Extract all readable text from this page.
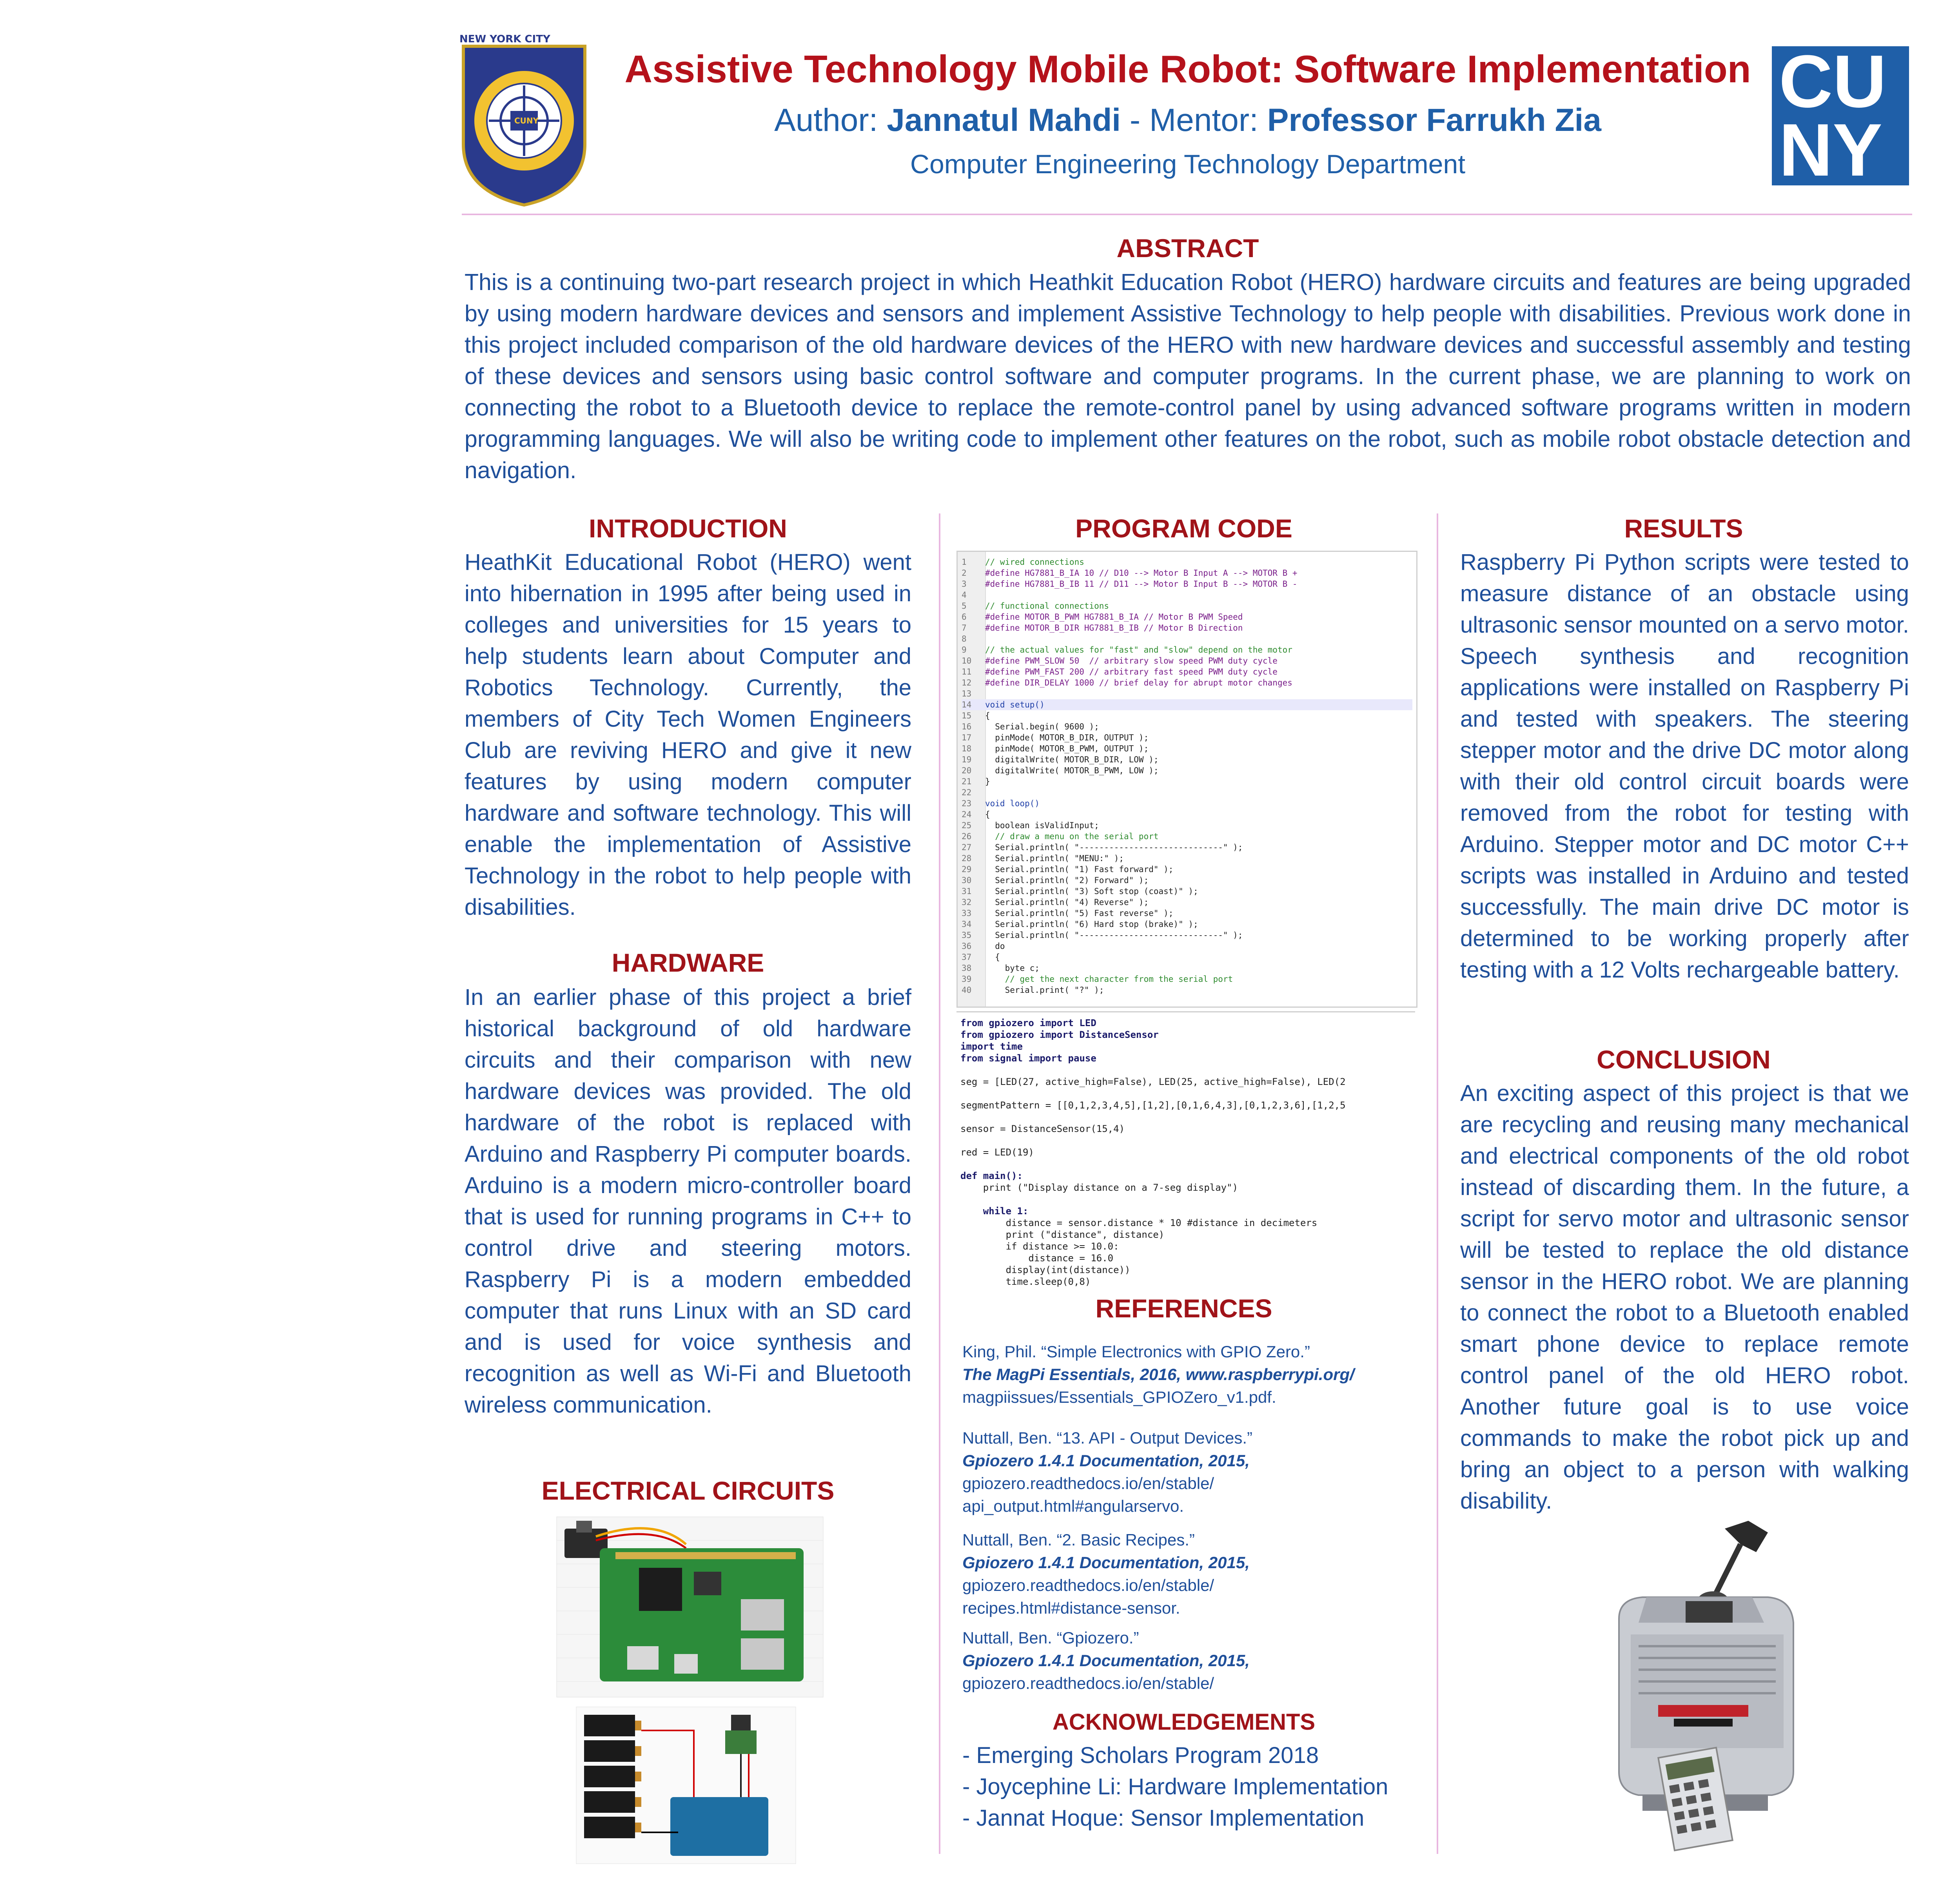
NEW YORK CITY
CUNY
Assistive Technology Mobile Robot: Software Implementation
Author: Jannatul Mahdi - Mentor: Professor Farrukh Zia
Computer Engineering Technology Department
CU
NY
ABSTRACT
This is a continuing two-part research project in which Heathkit Education Robot (HERO) hardware circuits and features are being upgraded by using modern hardware devices and sensors and implement Assistive Technology to help people with disabilities. Previous work done in this project included comparison of the old hardware devices of the HERO with new hardware devices and successful assembly and testing of these devices and sensors using basic control software and computer programs. In the current phase, we are planning to work on connecting the robot to a Bluetooth device to replace the remote-control panel by using advanced software programs written in modern programming languages. We will also be writing code to implement other features on the robot, such as mobile robot obstacle detection and navigation.
INTRODUCTION
HeathKit Educational Robot (HERO) went into hibernation in 1995 after being used in colleges and universities for 15 years to help students learn about Computer and Robotics Technology. Currently, the members of City Tech Women Engineers Club are reviving HERO and give it new features by using modern computer hardware and software technology. This will enable the implementation of Assistive Technology in the robot to help people with disabilities.
HARDWARE
In an earlier phase of this project a brief historical background of old hardware circuits and their comparison with new hardware devices was provided. The old hardware of the robot is replaced with Arduino and Raspberry Pi computer boards. Arduino is a modern micro-controller board that is used for running programs in C++ to control drive and steering motors. Raspberry Pi is a modern embedded computer that runs Linux with an SD card and is used for voice synthesis and recognition as well as Wi-Fi and Bluetooth wireless communication.
ELECTRICAL CIRCUITS
PROGRAM CODE
1 // wired connections
2 #define HG7881_B_IA 10 // D10 --> Motor B Input A --> MOTOR B +
3 #define HG7881_B_IB 11 // D11 --> Motor B Input B --> MOTOR B -
4
5 // functional connections
6 #define MOTOR_B_PWM HG7881_B_IA // Motor B PWM Speed
7 #define MOTOR_B_DIR HG7881_B_IB // Motor B Direction
8
9 // the actual values for "fast" and "slow" depend on the motor
10 #define PWM_SLOW 50  // arbitrary slow speed PWM duty cycle
11 #define PWM_FAST 200 // arbitrary fast speed PWM duty cycle
12 #define DIR_DELAY 1000 // brief delay for abrupt motor changes
13
14 void setup()
15 {
16  Serial.begin( 9600 );
17  pinMode( MOTOR_B_DIR, OUTPUT );
18  pinMode( MOTOR_B_PWM, OUTPUT );
19  digitalWrite( MOTOR_B_DIR, LOW );
20  digitalWrite( MOTOR_B_PWM, LOW );
21 }
22
23 void loop()
24 {
25  boolean isValidInput;
26  // draw a menu on the serial port
27  Serial.println( "-----------------------------" );
28  Serial.println( "MENU:" );
29  Serial.println( "1) Fast forward" );
30  Serial.println( "2) Forward" );
31  Serial.println( "3) Soft stop (coast)" );
32  Serial.println( "4) Reverse" );
33  Serial.println( "5) Fast reverse" );
34  Serial.println( "6) Hard stop (brake)" );
35  Serial.println( "-----------------------------" );
36  do
37  {
38    byte c;
39    // get the next character from the serial port
40    Serial.print( "?" );
from gpiozero import LED
from gpiozero import DistanceSensor
import time
from signal import pause
seg = [LED(27, active_high=False), LED(25, active_high=False), LED(2
segmentPattern = [[0,1,2,3,4,5],[1,2],[0,1,6,4,3],[0,1,2,3,6],[1,2,5
sensor = DistanceSensor(15,4)
red = LED(19)
def main():
print ("Display distance on a 7-seg display")
while 1:
distance = sensor.distance * 10 #distance in decimeters
print ("distance", distance)
if distance >= 10.0:
distance = 16.0
display(int(distance))
time.sleep(0,8)
REFERENCES
King, Phil. “Simple Electronics with GPIO Zero.”
The MagPi Essentials, 2016, www.raspberrypi.org/
magpiissues/Essentials_GPIOZero_v1.pdf.
Nuttall, Ben. “13. API - Output Devices.”
Gpiozero 1.4.1 Documentation, 2015,
gpiozero.readthedocs.io/en/stable/
api_output.html#angularservo.
Nuttall, Ben. “2. Basic Recipes.”
Gpiozero 1.4.1 Documentation, 2015,
gpiozero.readthedocs.io/en/stable/
recipes.html#distance-sensor.
Nuttall, Ben. “Gpiozero.”
Gpiozero 1.4.1 Documentation, 2015,
gpiozero.readthedocs.io/en/stable/
ACKNOWLEDGEMENTS
- Emerging Scholars Program 2018
- Joycephine Li: Hardware Implementation
- Jannat Hoque: Sensor Implementation
RESULTS
Raspberry Pi Python scripts were tested to measure distance of an obstacle using ultrasonic sensor mounted on a servo motor. Speech synthesis and recognition applications were installed on Raspberry Pi and tested with speakers. The steering stepper motor and the drive DC motor along with their old control circuit boards were removed from the robot for testing with Arduino. Stepper motor and DC motor C++ scripts was installed in Arduino and tested successfully. The main drive DC motor is determined to be working properly after testing with a 12 Volts rechargeable battery.
CONCLUSION
An exciting aspect of this project is that we are recycling and reusing many mechanical and electrical components of the old robot instead of discarding them. In the future, a script for servo motor and ultrasonic sensor will be tested to replace the old distance sensor in the HERO robot. We are planning to connect the robot to a Bluetooth enabled smart phone device to replace remote control panel of the old HERO robot. Another future goal is to use voice commands to make the robot pick up and bring an object to a person with walking disability.
